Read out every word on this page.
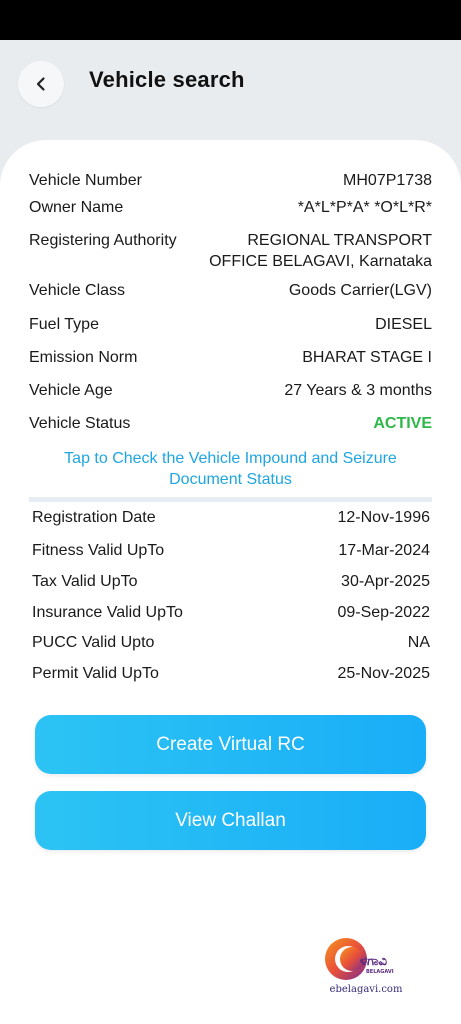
Vehicle search
Vehicle Number	MH07P1738
Owner Name	*A*L*P*A* *O*L*R*
Registering Authority	REGIONAL TRANSPORT OFFICE BELAGAVI, Karnataka
Vehicle Class	Goods Carrier(LGV)
Fuel Type	DIESEL
Emission Norm	BHARAT STAGE I
Vehicle Age	27 Years & 3 months
Vehicle Status	ACTIVE
Tap to Check the Vehicle Impound and Seizure Document Status
Registration Date	12-Nov-1996
Fitness Valid UpTo	17-Mar-2024
Tax Valid UpTo	30-Apr-2025
Insurance Valid UpTo	09-Sep-2022
PUCC Valid Upto	NA
Permit Valid UpTo	25-Nov-2025
Create Virtual RC
View Challan
ಳಗಾವಿ
BELAGAVI
ebelagavi.com
